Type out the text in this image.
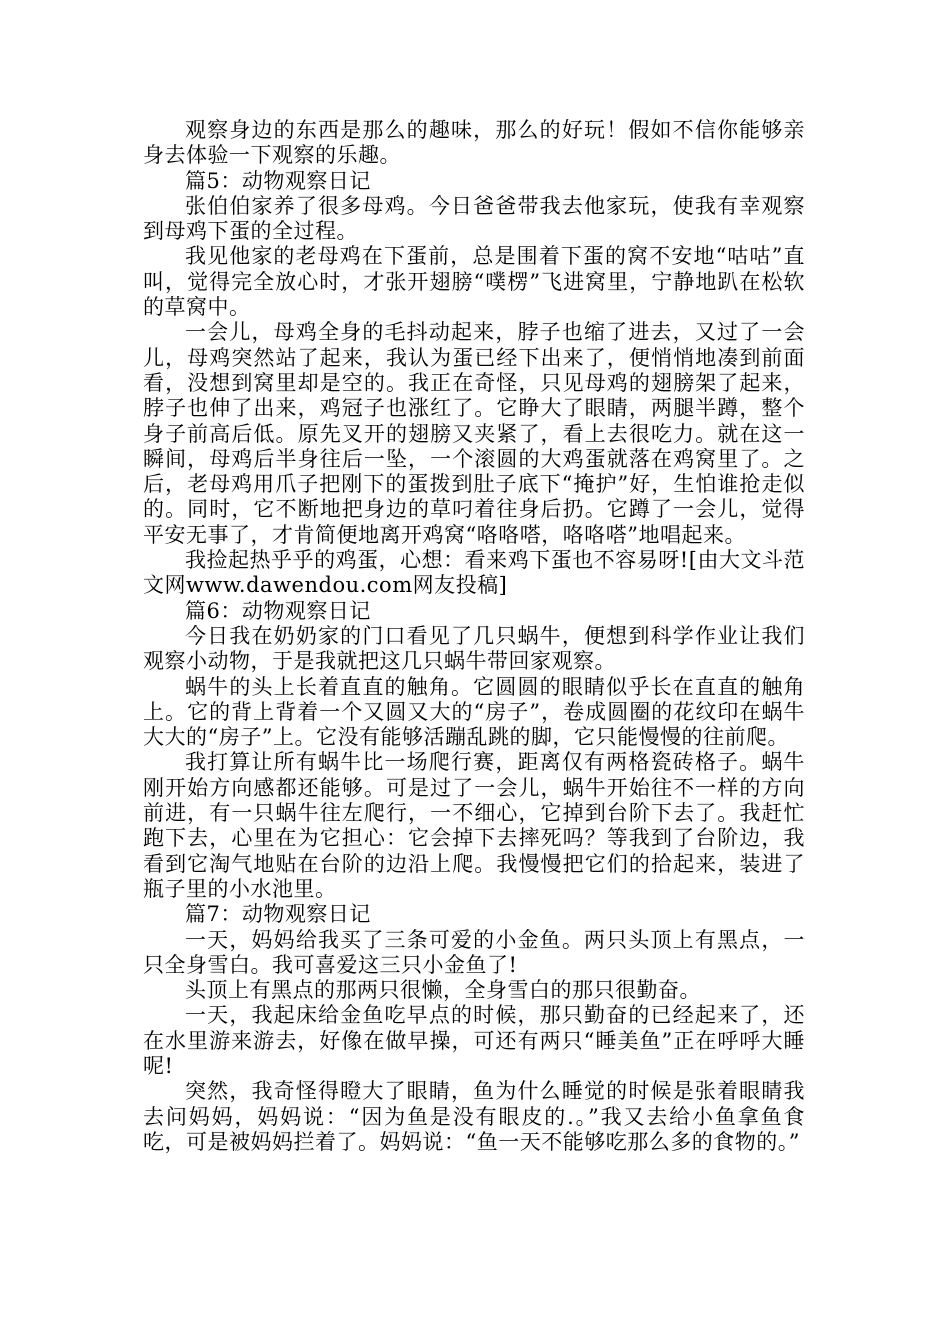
观察身边的东西是那么的趣味，那么的好玩！假如不信你能够亲身去体验一下观察的乐趣。

篇5：动物观察日记

张伯伯家养了很多母鸡。今日爸爸带我去他家玩，使我有幸观察到母鸡下蛋的全过程。

我见他家的老母鸡在下蛋前，总是围着下蛋的窝不安地“咕咕”直叫，觉得完全放心时，才张开翅膀“噗楞”飞进窝里，宁静地趴在松软的草窝中。

一会儿，母鸡全身的毛抖动起来，脖子也缩了进去，又过了一会儿，母鸡突然站了起来，我认为蛋已经下出来了，便悄悄地凑到前面看，没想到窝里却是空的。我正在奇怪，只见母鸡的翅膀架了起来，脖子也伸了出来，鸡冠子也涨红了。它睁大了眼睛，两腿半蹲，整个身子前高后低。原先叉开的翅膀又夹紧了，看上去很吃力。就在这一瞬间，母鸡后半身往后一坠，一个滚圆的大鸡蛋就落在鸡窝里了。之后，老母鸡用爪子把刚下的蛋拨到肚子底下“掩护”好，生怕谁抢走似的。同时，它不断地把身边的草叼着往身后扔。它蹲了一会儿，觉得平安无事了，才肯简便地离开鸡窝“咯咯嗒，咯咯嗒”地唱起来。

我捡起热乎乎的鸡蛋，心想：看来鸡下蛋也不容易呀![由大文斗范文网www.dawendou.com网友投稿]

篇6：动物观察日记

今日我在奶奶家的门口看见了几只蜗牛，便想到科学作业让我们观察小动物，于是我就把这几只蜗牛带回家观察。

蜗牛的头上长着直直的触角。它圆圆的眼睛似乎长在直直的触角上。它的背上背着一个又圆又大的“房子”，卷成圆圈的花纹印在蜗牛大大的“房子”上。它没有能够活蹦乱跳的脚，它只能慢慢的往前爬。

我打算让所有蜗牛比一场爬行赛，距离仅有两格瓷砖格子。蜗牛刚开始方向感都还能够。可是过了一会儿，蜗牛开始往不一样的方向前进，有一只蜗牛往左爬行，一不细心，它掉到台阶下去了。我赶忙跑下去，心里在为它担心：它会掉下去摔死吗？等我到了台阶边，我看到它淘气地贴在台阶的边沿上爬。我慢慢把它们的拾起来，装进了瓶子里的小水池里。

篇7：动物观察日记

一天，妈妈给我买了三条可爱的小金鱼。两只头顶上有黑点，一只全身雪白。我可喜爱这三只小金鱼了!

头顶上有黑点的那两只很懒，全身雪白的那只很勤奋。

一天，我起床给金鱼吃早点的时候，那只勤奋的已经起来了，还在水里游来游去，好像在做早操，可还有两只“睡美鱼”正在呼呼大睡呢!

突然，我奇怪得瞪大了眼睛，鱼为什么睡觉的时候是张着眼睛我去问妈妈，妈妈说：“因为鱼是没有眼皮的.。”我又去给小鱼拿鱼食吃，可是被妈妈拦着了。妈妈说：“鱼一天不能够吃那么多的食物的。”
